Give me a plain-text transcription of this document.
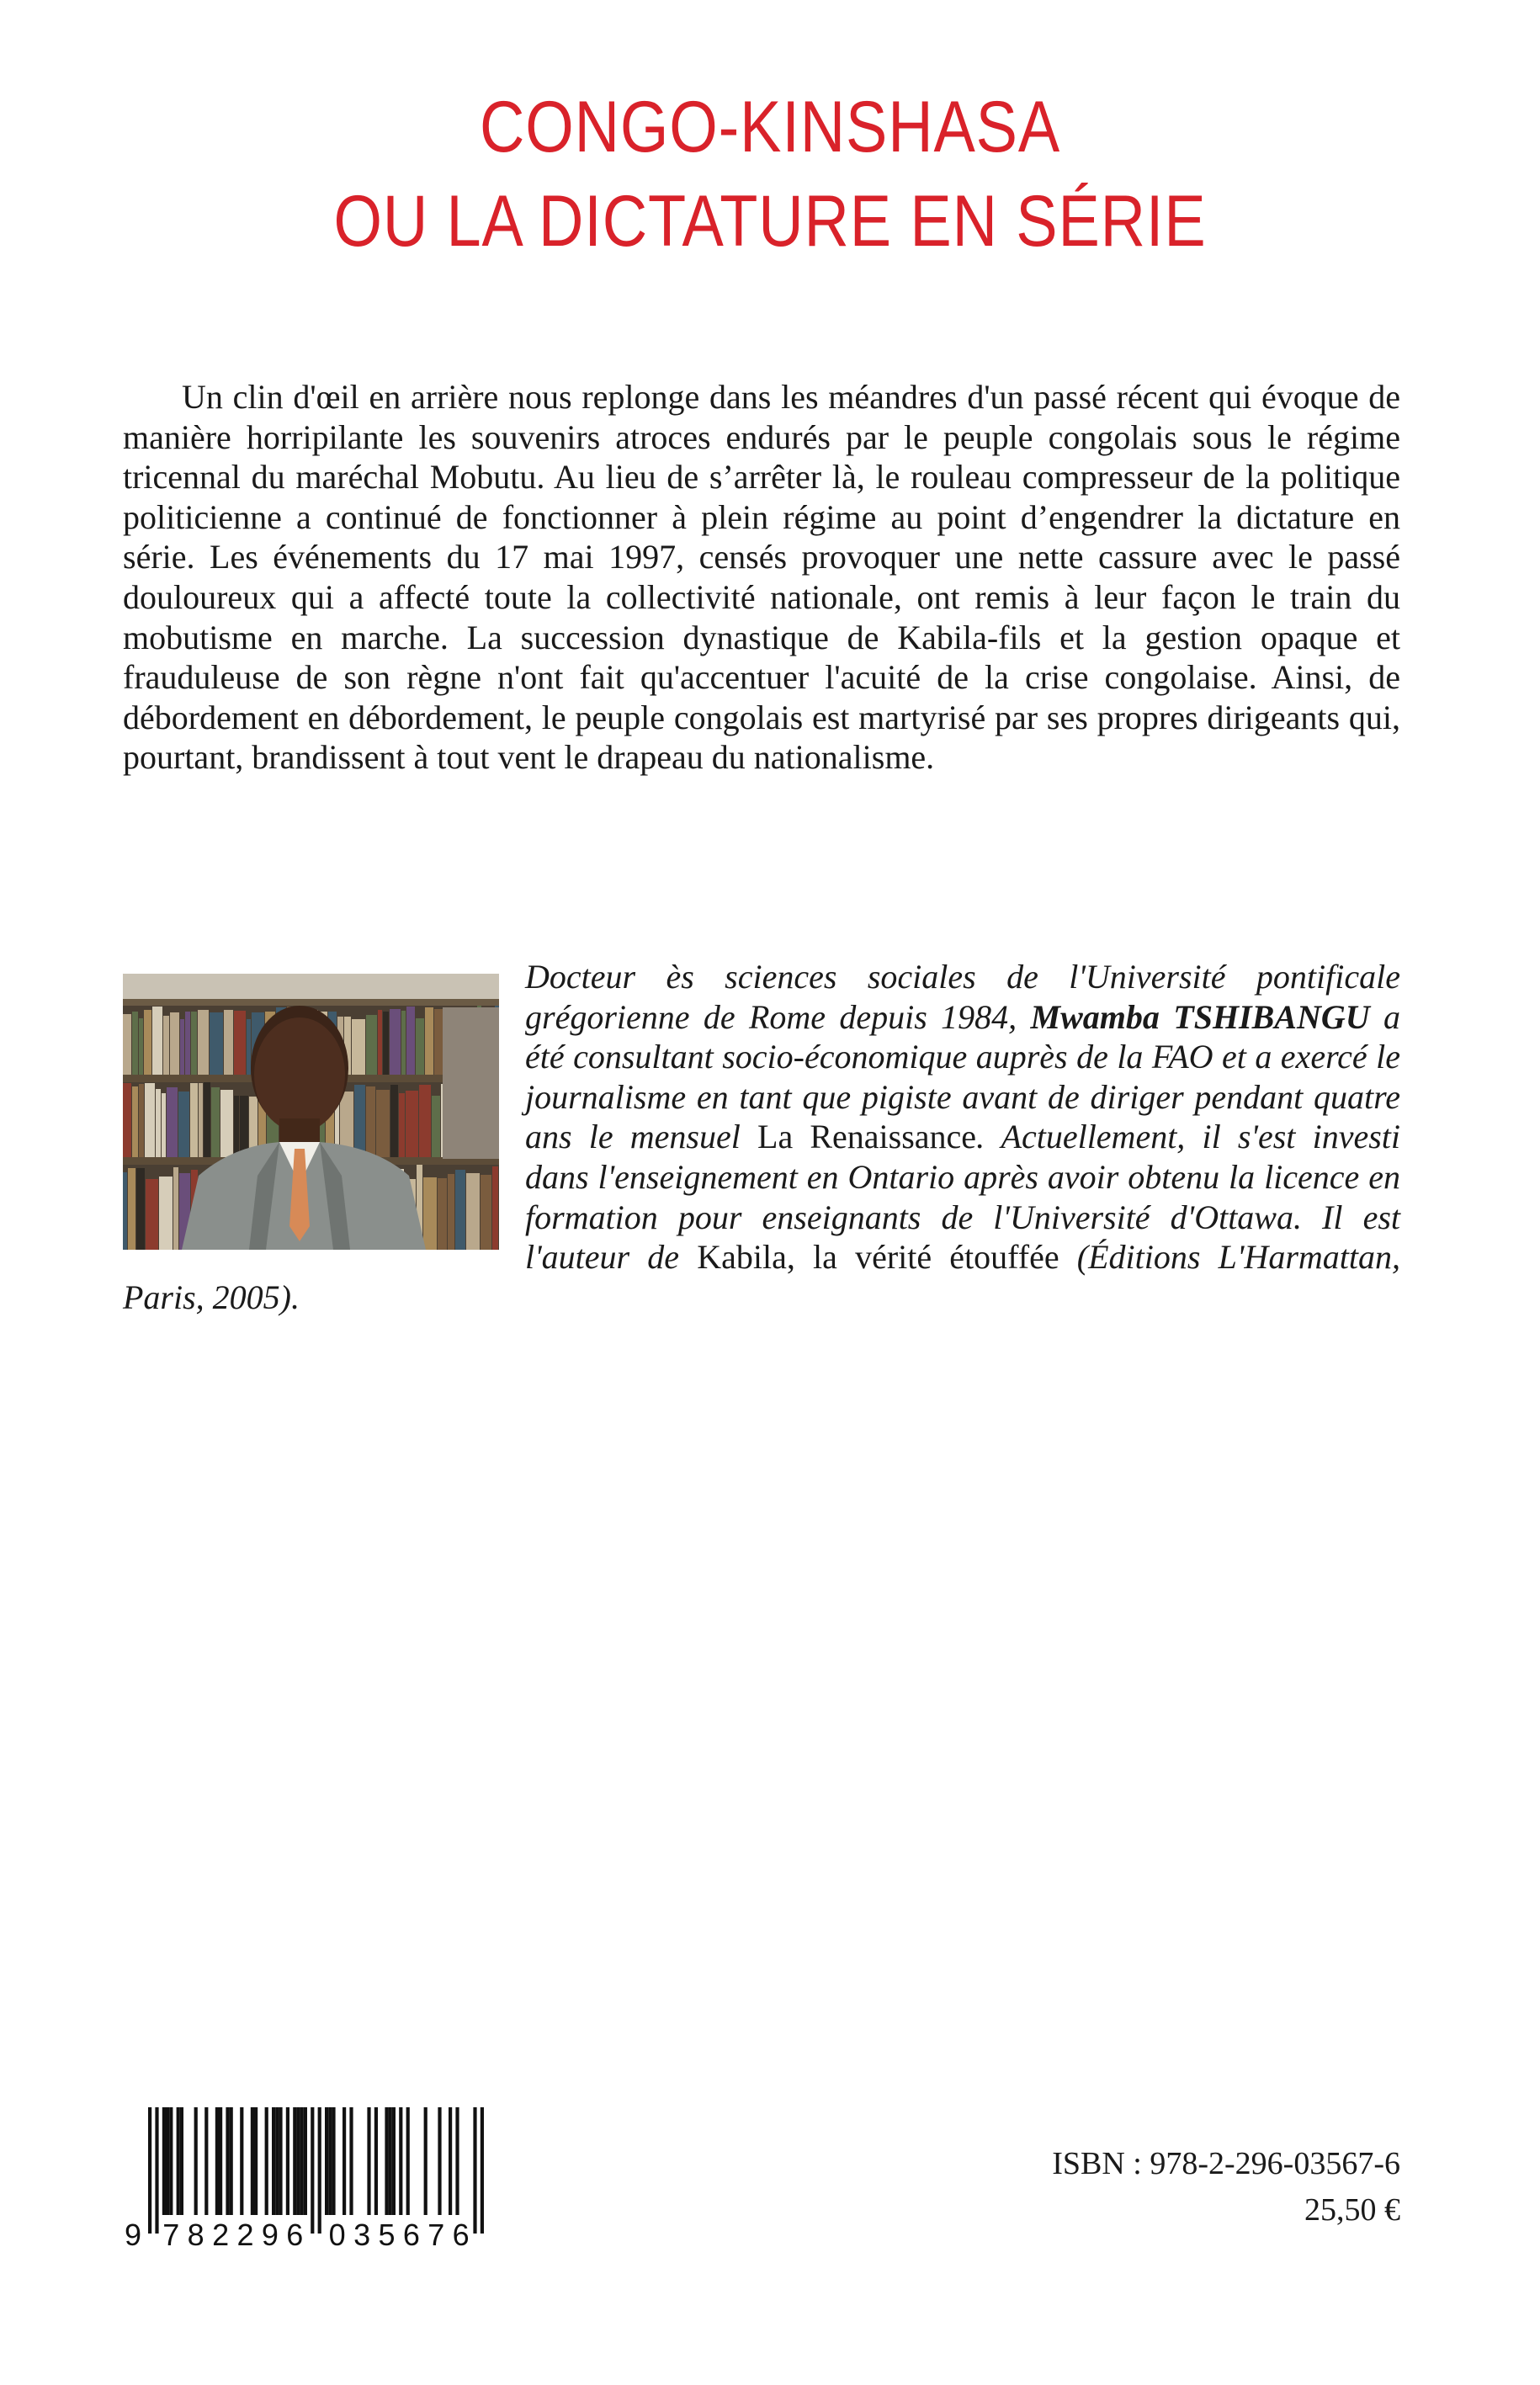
CONGO-KINSHASA
OU LA DICTATURE EN SÉRIE

Un clin d'œil en arrière nous replonge dans les méandres d'un passé récent qui évoque de manière horripilante les souvenirs atroces endurés par le peuple congolais sous le régime tricennal du maréchal Mobutu. Au lieu de s’arrêter là, le rouleau compresseur de la politique politicienne a continué de fonctionner à plein régime au point d’engendrer la dictature en série. Les événements du 17 mai 1997, censés provoquer une nette cassure avec le passé douloureux qui a affecté toute la collectivité nationale, ont remis à leur façon le train du mobutisme en marche. La succession dynastique de Kabila-fils et la gestion opaque et frauduleuse de son règne n'ont fait qu'accentuer l'acuité de la crise congolaise. Ainsi, de débordement en débordement, le peuple congolais est martyrisé par ses propres dirigeants qui, pourtant, brandissent à tout vent le drapeau du nationalisme.

Docteur ès sciences sociales de l'Université pontificale grégorienne de Rome depuis 1984, Mwamba TSHIBANGU a été consultant socio-économique auprès de la FAO et a exercé le journalisme en tant que pigiste avant de diriger pendant quatre ans le mensuel La Renaissance. Actuellement, il s'est investi dans l'enseignement en Ontario après avoir obtenu la licence en formation pour enseignants de l'Université d'Ottawa. Il est l'auteur de Kabila, la vérité étouffée (Éditions L'Harmattan, Paris, 2005).

9 7 8 2 2 9 6 0 3 5 6 7 6
ISBN : 978-2-296-03567-6
25,50 €
